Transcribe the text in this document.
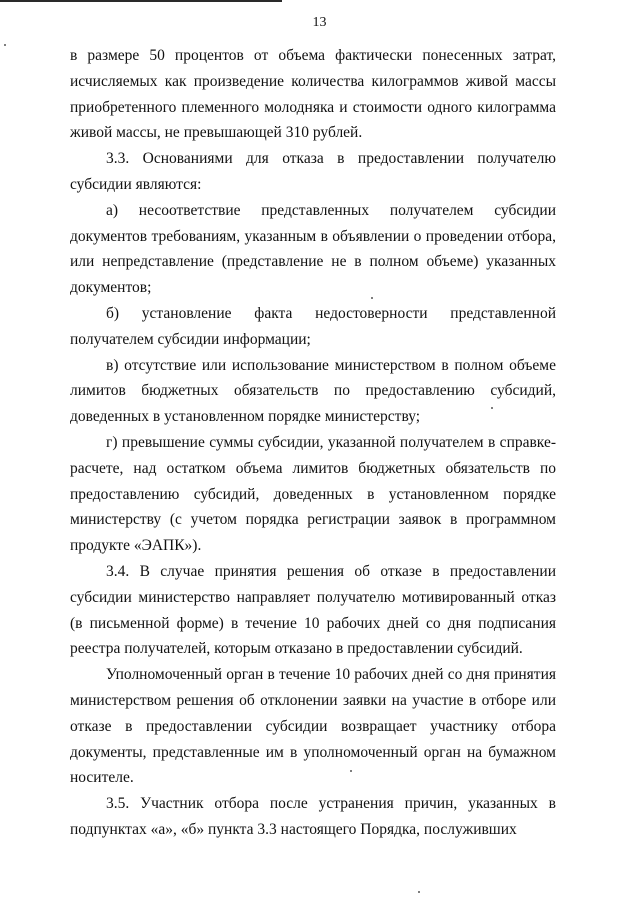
13

в размере 50 процентов от объема фактически понесенных затрат, исчисляемых как произведение количества килограммов живой массы приобретенного племенного молодняка и стоимости одного килограмма живой массы, не превышающей 310 рублей.

3.3. Основаниями для отказа в предоставлении получателю субсидии являются:

а) несоответствие представленных получателем субсидии документов требованиям, указанным в объявлении о проведении отбора, или непредставление (представление не в полном объеме) указанных документов;

б) установление факта недостоверности представленной получателем субсидии информации;

в) отсутствие или использование министерством в полном объеме лимитов бюджетных обязательств по предоставлению субсидий, доведенных в установленном порядке министерству;

г) превышение суммы субсидии, указанной получателем в справке-расчете, над остатком объема лимитов бюджетных обязательств по предоставлению субсидий, доведенных в установленном порядке министерству (с учетом порядка регистрации заявок в программном продукте «ЭАПК»).

3.4. В случае принятия решения об отказе в предоставлении субсидии министерство направляет получателю мотивированный отказ (в письменной форме) в течение 10 рабочих дней со дня подписания реестра получателей, которым отказано в предоставлении субсидий.

Уполномоченный орган в течение 10 рабочих дней со дня принятия министерством решения об отклонении заявки на участие в отборе или отказе в предоставлении субсидии возвращает участнику отбора документы, представленные им в уполномоченный орган на бумажном носителе.

3.5. Участник отбора после устранения причин, указанных в подпунктах «а», «б» пункта 3.3 настоящего Порядка, послуживших
